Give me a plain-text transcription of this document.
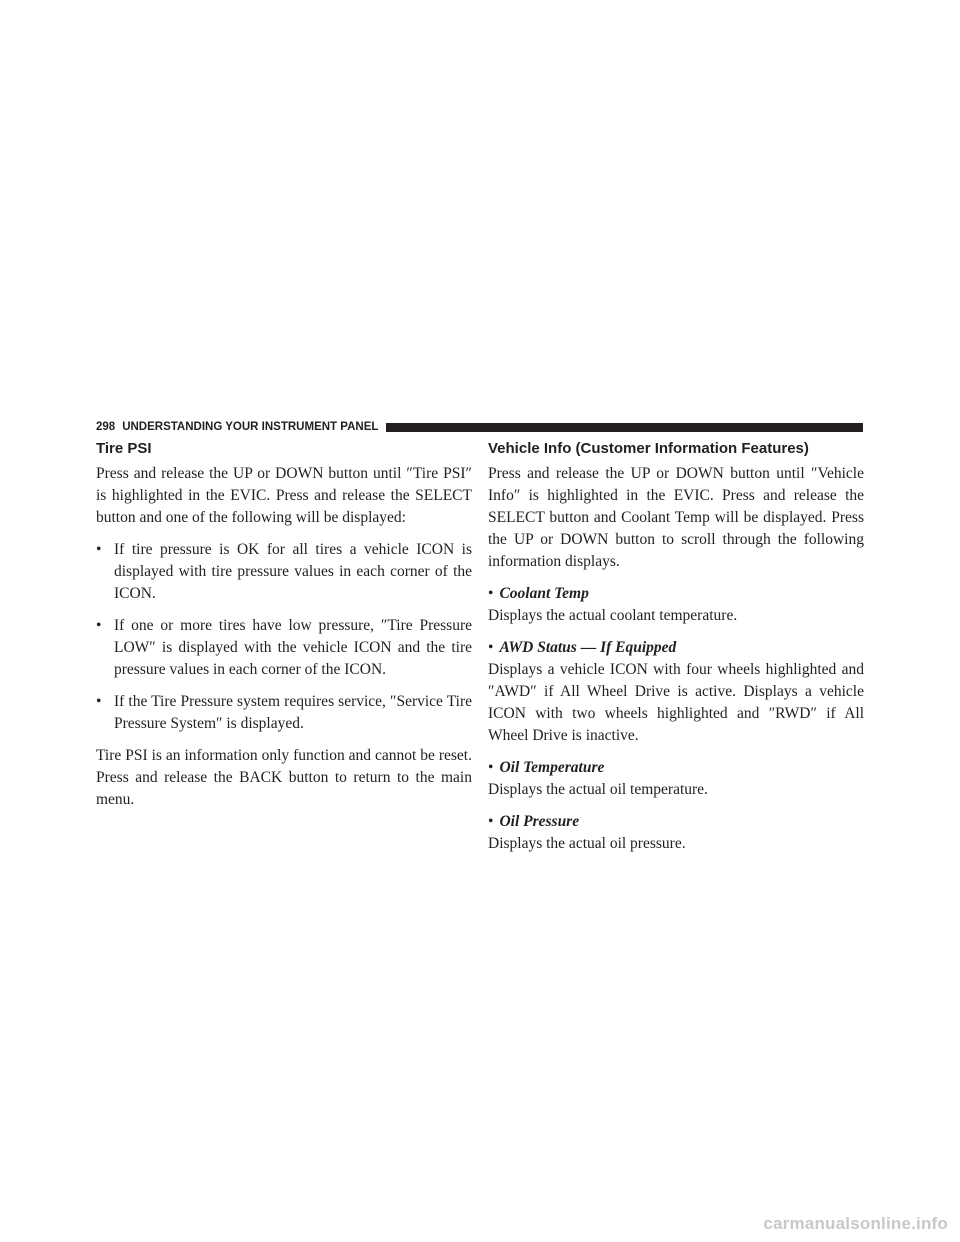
298 UNDERSTANDING YOUR INSTRUMENT PANEL
Tire PSI

Press and release the UP or DOWN button until ″Tire PSI″ is highlighted in the EVIC. Press and release the SELECT button and one of the following will be displayed:

• If tire pressure is OK for all tires a vehicle ICON is displayed with tire pressure values in each corner of the ICON.
• If one or more tires have low pressure, ″Tire Pressure LOW″ is displayed with the vehicle ICON and the tire pressure values in each corner of the ICON.
• If the Tire Pressure system requires service, ″Service Tire Pressure System″ is displayed.

Tire PSI is an information only function and cannot be reset. Press and release the BACK button to return to the main menu.

Vehicle Info (Customer Information Features)

Press and release the UP or DOWN button until ″Vehicle Info″ is highlighted in the EVIC. Press and release the SELECT button and Coolant Temp will be displayed. Press the UP or DOWN button to scroll through the following information displays.

• Coolant Temp
Displays the actual coolant temperature.
• AWD Status — If Equipped
Displays a vehicle ICON with four wheels highlighted and ″AWD″ if All Wheel Drive is active. Displays a vehicle ICON with two wheels highlighted and ″RWD″ if All Wheel Drive is inactive.
• Oil Temperature
Displays the actual oil temperature.
• Oil Pressure
Displays the actual oil pressure.
carmanualsonline.info
